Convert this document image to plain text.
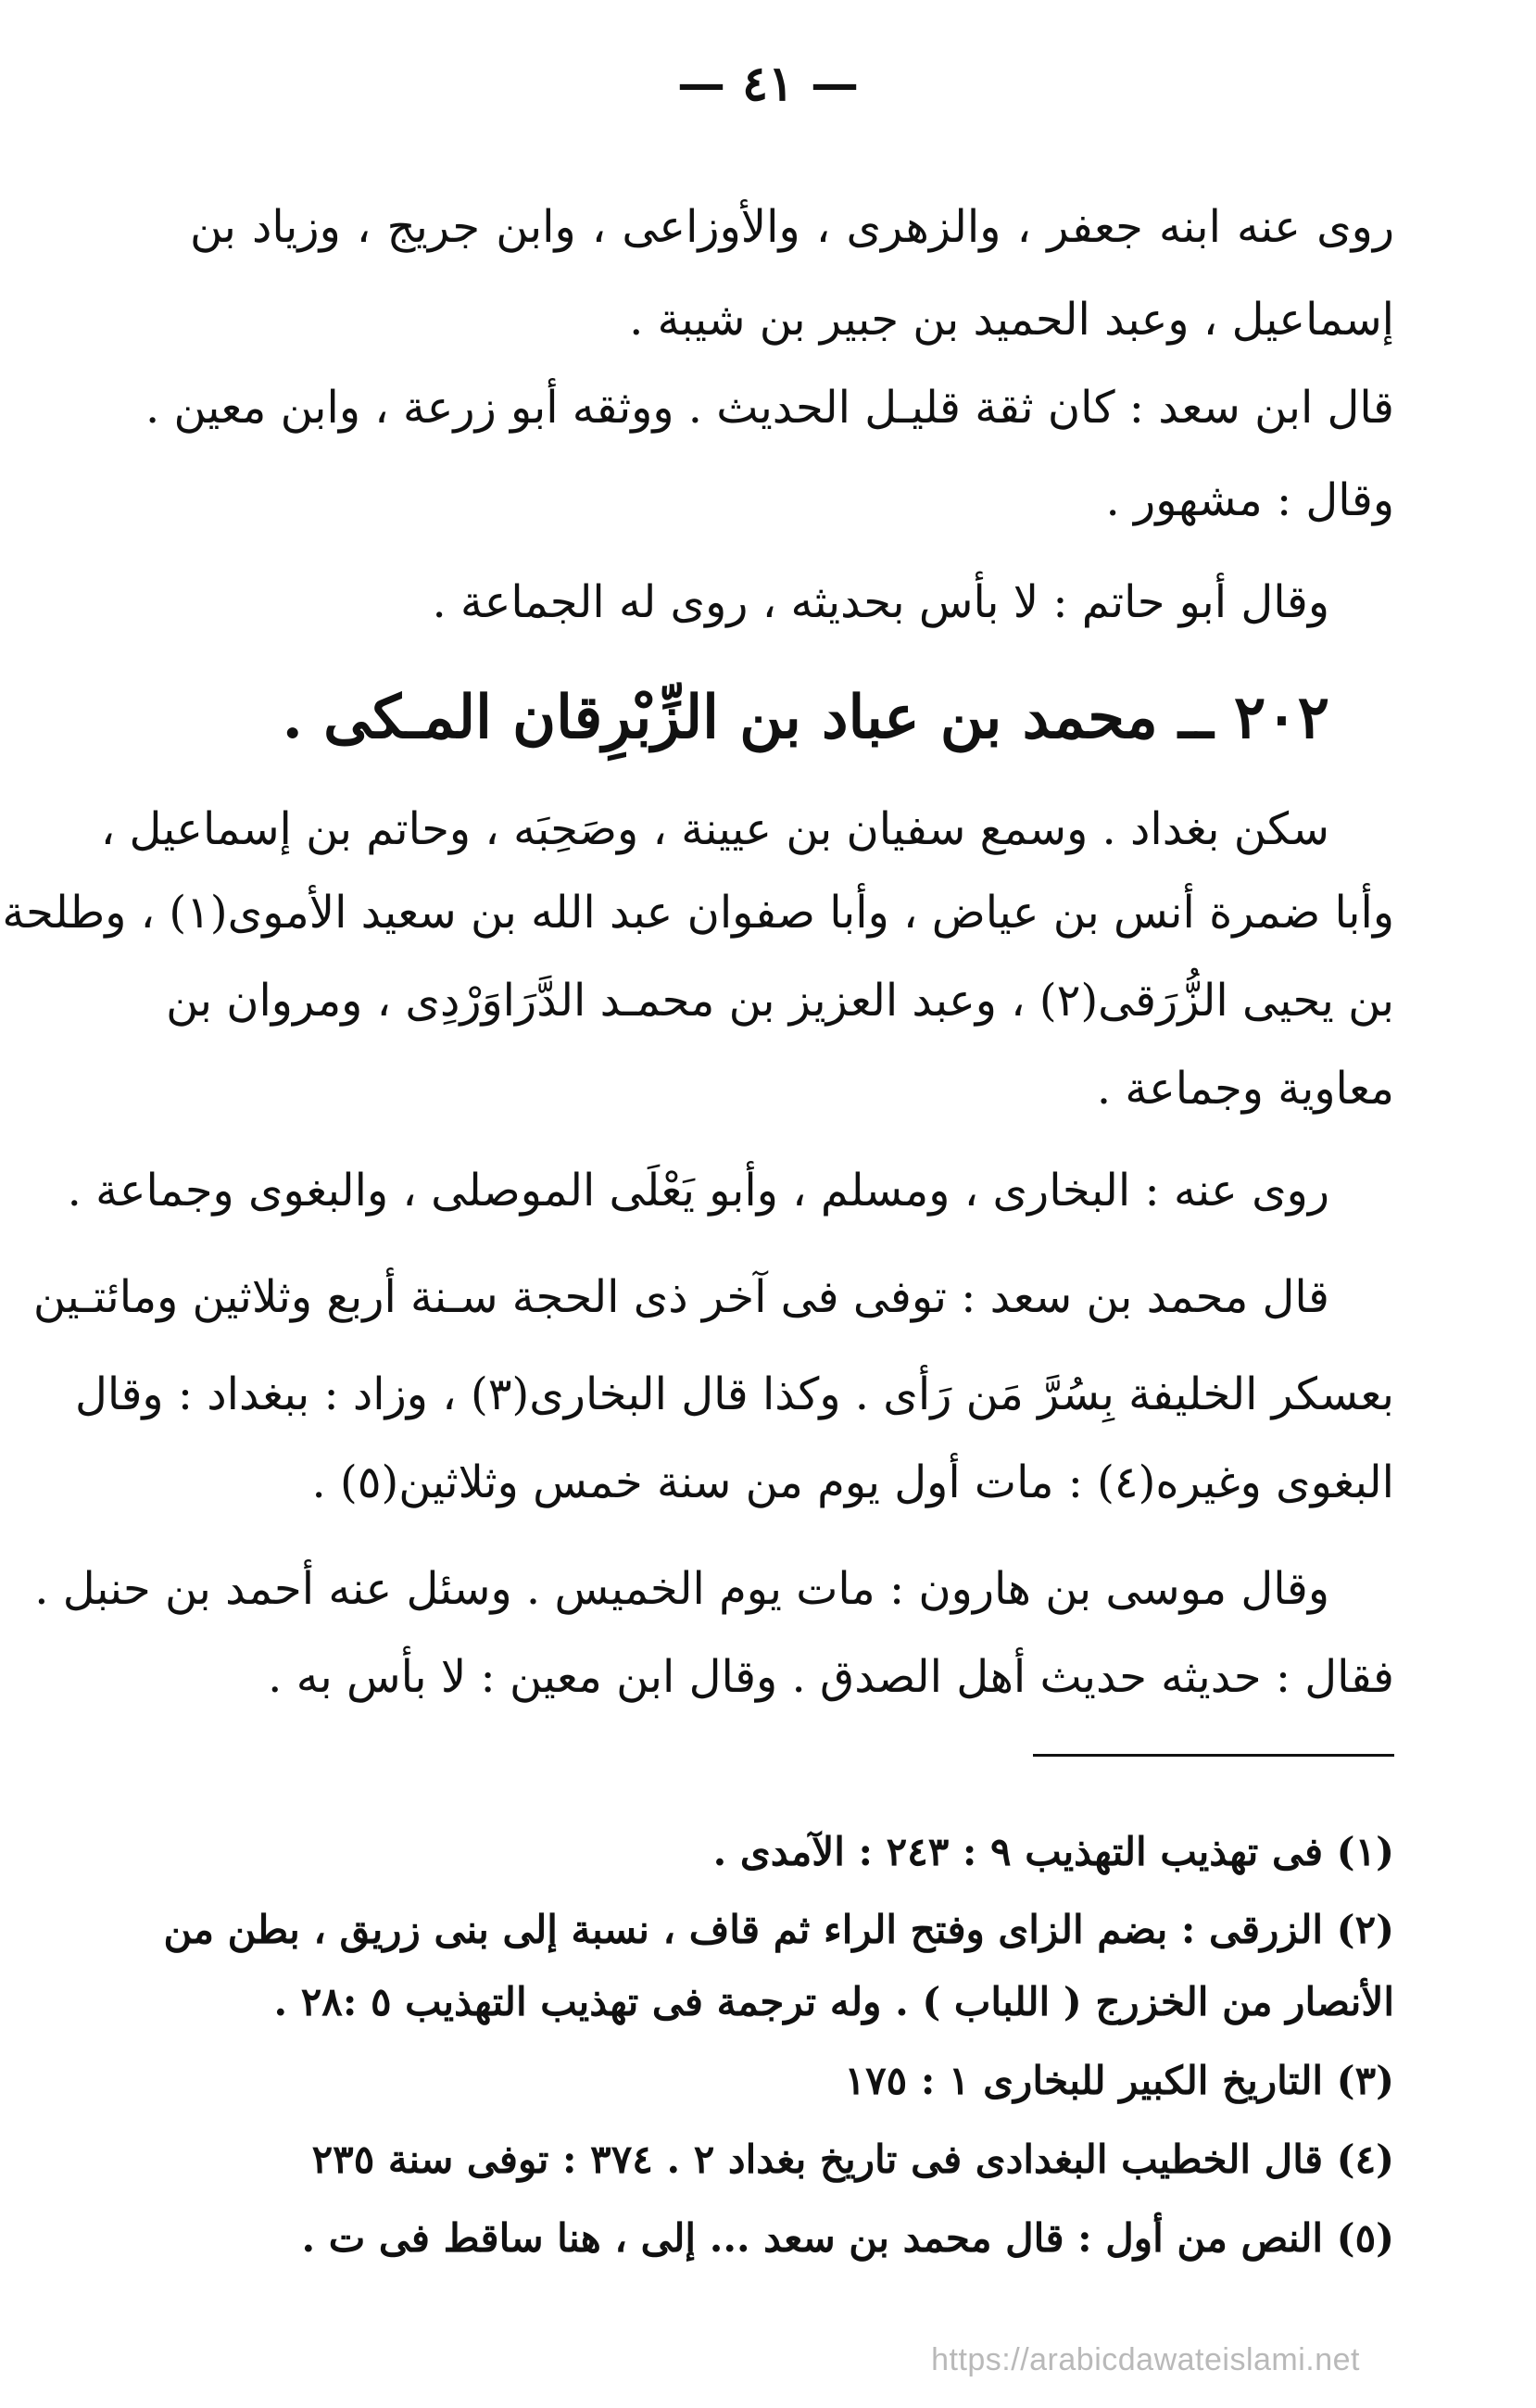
— ٤١ —
روى عنه ابنه جعفر ، والزهرى ، والأوزاعى ، وابن جريج ، وزياد بن
إسماعيل ، وعبد الحميد بن جبير بن شيبة .
قال ابن سعد : كان ثقة قليـل الحديث . ووثقه أبو زرعة ، وابن معين .
وقال : مشهور .
وقال أبو حاتم : لا بأس بحديثه ، روى له الجماعة .
٢٠٢ ــ محمد بن عباد بن الزِّبْرِقان المـكى .
سكن بغداد . وسمع سفيان بن عيينة ، وصَحِبَه ، وحاتم بن إسماعيل ،
وأبا ضمرة أنس بن عياض ، وأبا صفوان عبد الله بن سعيد الأموى(١) ، وطلحة
بن يحيى الزُّرَقى(٢) ، وعبد العزيز بن محمـد الدَّرَاوَرْدِى ، ومروان بن
معاوية وجماعة .
روى عنه : البخارى ، ومسلم ، وأبو يَعْلَى الموصلى ، والبغوى وجماعة .
قال محمد بن سعد : توفى فى آخر ذى الحجة سـنة أربع وثلاثين ومائتـين
بعسكر الخليفة بِسُرَّ مَن رَأى . وكذا قال البخارى(٣) ، وزاد : ببغداد : وقال
البغوى وغيره(٤) : مات أول يوم من سنة خمس وثلاثين(٥) .
وقال موسى بن هارون : مات يوم الخميس . وسئل عنه أحمد بن حنبل .
فقال : حديثه حديث أهل الصدق . وقال ابن معين : لا بأس به .
(١) فى تهذيب التهذيب ٩ : ٢٤٣ : الآمدى .
(٢) الزرقى : بضم الزاى وفتح الراء ثم قاف ، نسبة إلى بنى زريق ، بطن من
الأنصار من الخزرج ( اللباب ) . وله ترجمة فى تهذيب التهذيب ٥ :٢٨ .
(٣) التاريخ الكبير للبخارى ١ : ١٧٥
(٤) قال الخطيب البغدادى فى تاريخ بغداد ٢ . ٣٧٤ : توفى سنة ٢٣٥
(٥) النص من أول : قال محمد بن سعد ... إلى ، هنا ساقط فى ت .
https://arabicdawateislami.net
